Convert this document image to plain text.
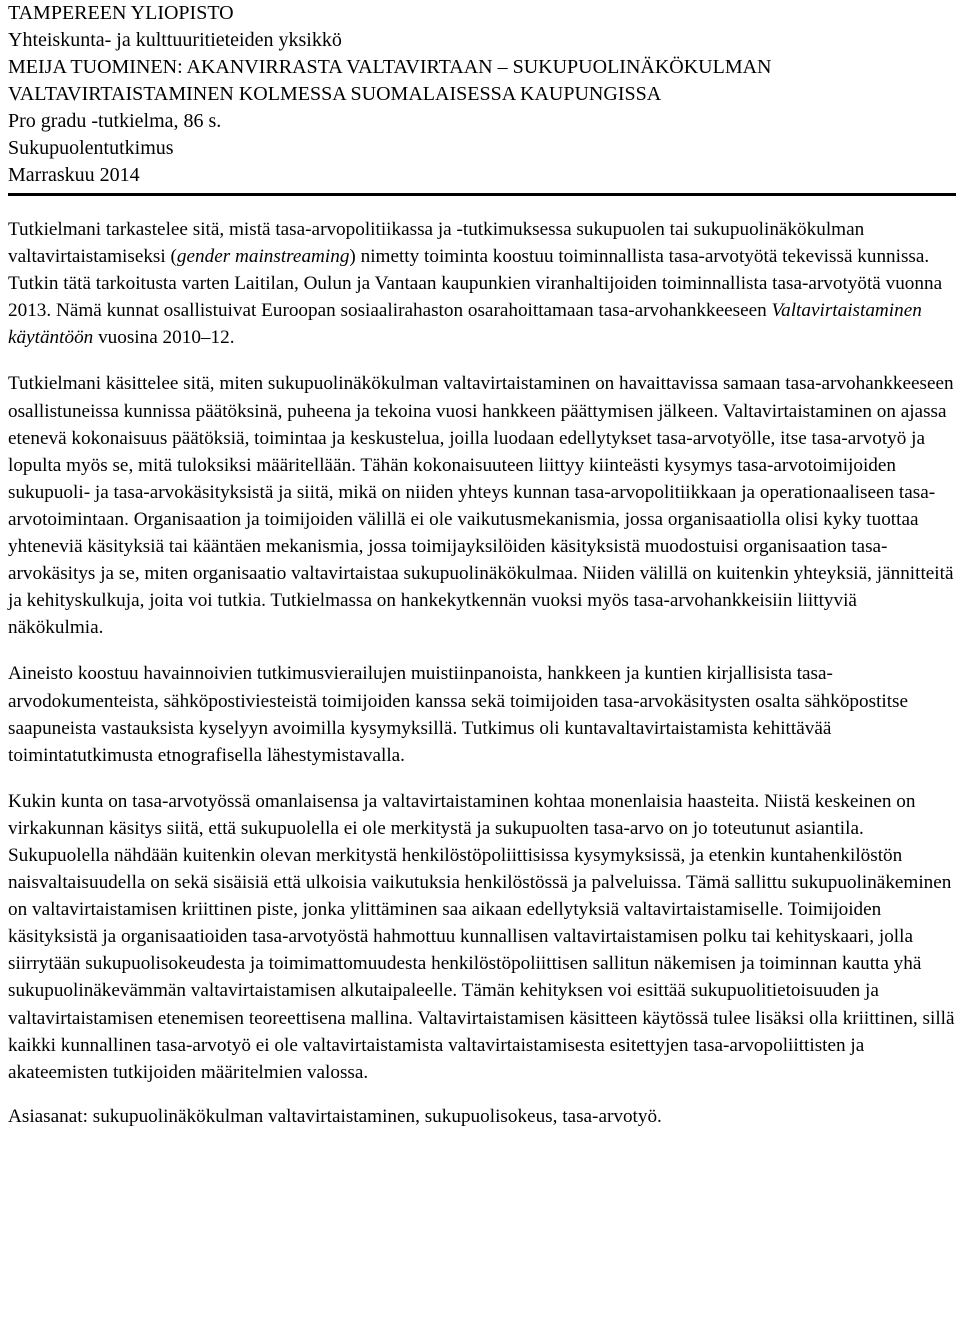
TAMPEREEN YLIOPISTO
Yhteiskunta- ja kulttuuritieteiden yksikkö
MEIJA TUOMINEN: AKANVIRRASTA VALTAVIRTAAN – SUKUPUOLINÄKÖKULMAN
VALTAVIRTAISTAMINEN KOLMESSA SUOMALAISESSA KAUPUNGISSA
Pro gradu -tutkielma, 86 s.
Sukupuolentutkimus
Marraskuu 2014

Tutkielmani tarkastelee sitä, mistä tasa-arvopolitiikassa ja -tutkimuksessa sukupuolen tai sukupuolinäkökulman valtavirtaistamiseksi (gender mainstreaming) nimetty toiminta koostuu toiminnallista tasa-arvotyötä tekevissä kunnissa. Tutkin tätä tarkoitusta varten Laitilan, Oulun ja Vantaan kaupunkien viranhaltijoiden toiminnallista tasa-arvotyötä vuonna 2013. Nämä kunnat osallistuivat Euroopan sosiaalirahaston osarahoittamaan tasa-arvohankkeeseen Valtavirtaistaminen käytäntöön vuosina 2010–12.

Tutkielmani käsittelee sitä, miten sukupuolinäkökulman valtavirtaistaminen on havaittavissa samaan tasa-arvohankkeeseen osallistuneissa kunnissa päätöksinä, puheena ja tekoina vuosi hankkeen päättymisen jälkeen. Valtavirtaistaminen on ajassa etenevä kokonaisuus päätöksiä, toimintaa ja keskustelua, joilla luodaan edellytykset tasa-arvotyölle, itse tasa-arvotyö ja lopulta myös se, mitä tuloksiksi määritellään. Tähän kokonaisuuteen liittyy kiinteästi kysymys tasa-arvotoimijoiden sukupuoli- ja tasa-arvokäsityksistä ja siitä, mikä on niiden yhteys kunnan tasa-arvopolitiikkaan ja operationaaliseen tasa-arvotoimintaan. Organisaation ja toimijoiden välillä ei ole vaikutusmekanismia, jossa organisaatiolla olisi kyky tuottaa yhteneviä käsityksiä tai kääntäen mekanismia, jossa toimijayksilöiden käsityksistä muodostuisi organisaation tasa-arvokäsitys ja se, miten organisaatio valtavirtaistaa sukupuolinäkökulmaa. Niiden välillä on kuitenkin yhteyksiä, jännitteitä ja kehityskulkuja, joita voi tutkia. Tutkielmassa on hankekytkennän vuoksi myös tasa-arvohankkeisiin liittyviä näkökulmia.

Aineisto koostuu havainnoivien tutkimusvierailujen muistiinpanoista, hankkeen ja kuntien kirjallisista tasa-arvodokumenteista, sähköpostiviesteistä toimijoiden kanssa sekä toimijoiden tasa-arvokäsitysten osalta sähköpostitse saapuneista vastauksista kyselyyn avoimilla kysymyksillä. Tutkimus oli kuntavaltavirtaistamista kehittävää toimintatutkimusta etnografisella lähestymistavalla.

Kukin kunta on tasa-arvotyössä omanlaisensa ja valtavirtaistaminen kohtaa monenlaisia haasteita. Niistä keskeinen on virkakunnan käsitys siitä, että sukupuolella ei ole merkitystä ja sukupuolten tasa-arvo on jo toteutunut asiantila. Sukupuolella nähdään kuitenkin olevan merkitystä henkilöstöpoliittisissa kysymyksissä, ja etenkin kuntahenkilöstön naisvaltaisuudella on sekä sisäisiä että ulkoisia vaikutuksia henkilöstössä ja palveluissa. Tämä sallittu sukupuolinäkeminen on valtavirtaistamisen kriittinen piste, jonka ylittäminen saa aikaan edellytyksiä valtavirtaistamiselle. Toimijoiden käsityksistä ja organisaatioiden tasa-arvotyöstä hahmottuu kunnallisen valtavirtaistamisen polku tai kehityskaari, jolla siirrytään sukupuolisokeudesta ja toimimattomuudesta henkilöstöpoliittisen sallitun näkemisen ja toiminnan kautta yhä sukupuolinäkevämmän valtavirtaistamisen alkutaipaleelle. Tämän kehityksen voi esittää sukupuolitietoisuuden ja valtavirtaistamisen etenemisen teoreettisena mallina. Valtavirtaistamisen käsitteen käytössä tulee lisäksi olla kriittinen, sillä kaikki kunnallinen tasa-arvotyö ei ole valtavirtaistamista valtavirtaistamisesta esitettyjen tasa-arvopoliittisten ja akateemisten tutkijoiden määritelmien valossa.

Asiasanat: sukupuolinäkökulman valtavirtaistaminen, sukupuolisokeus, tasa-arvotyö.
